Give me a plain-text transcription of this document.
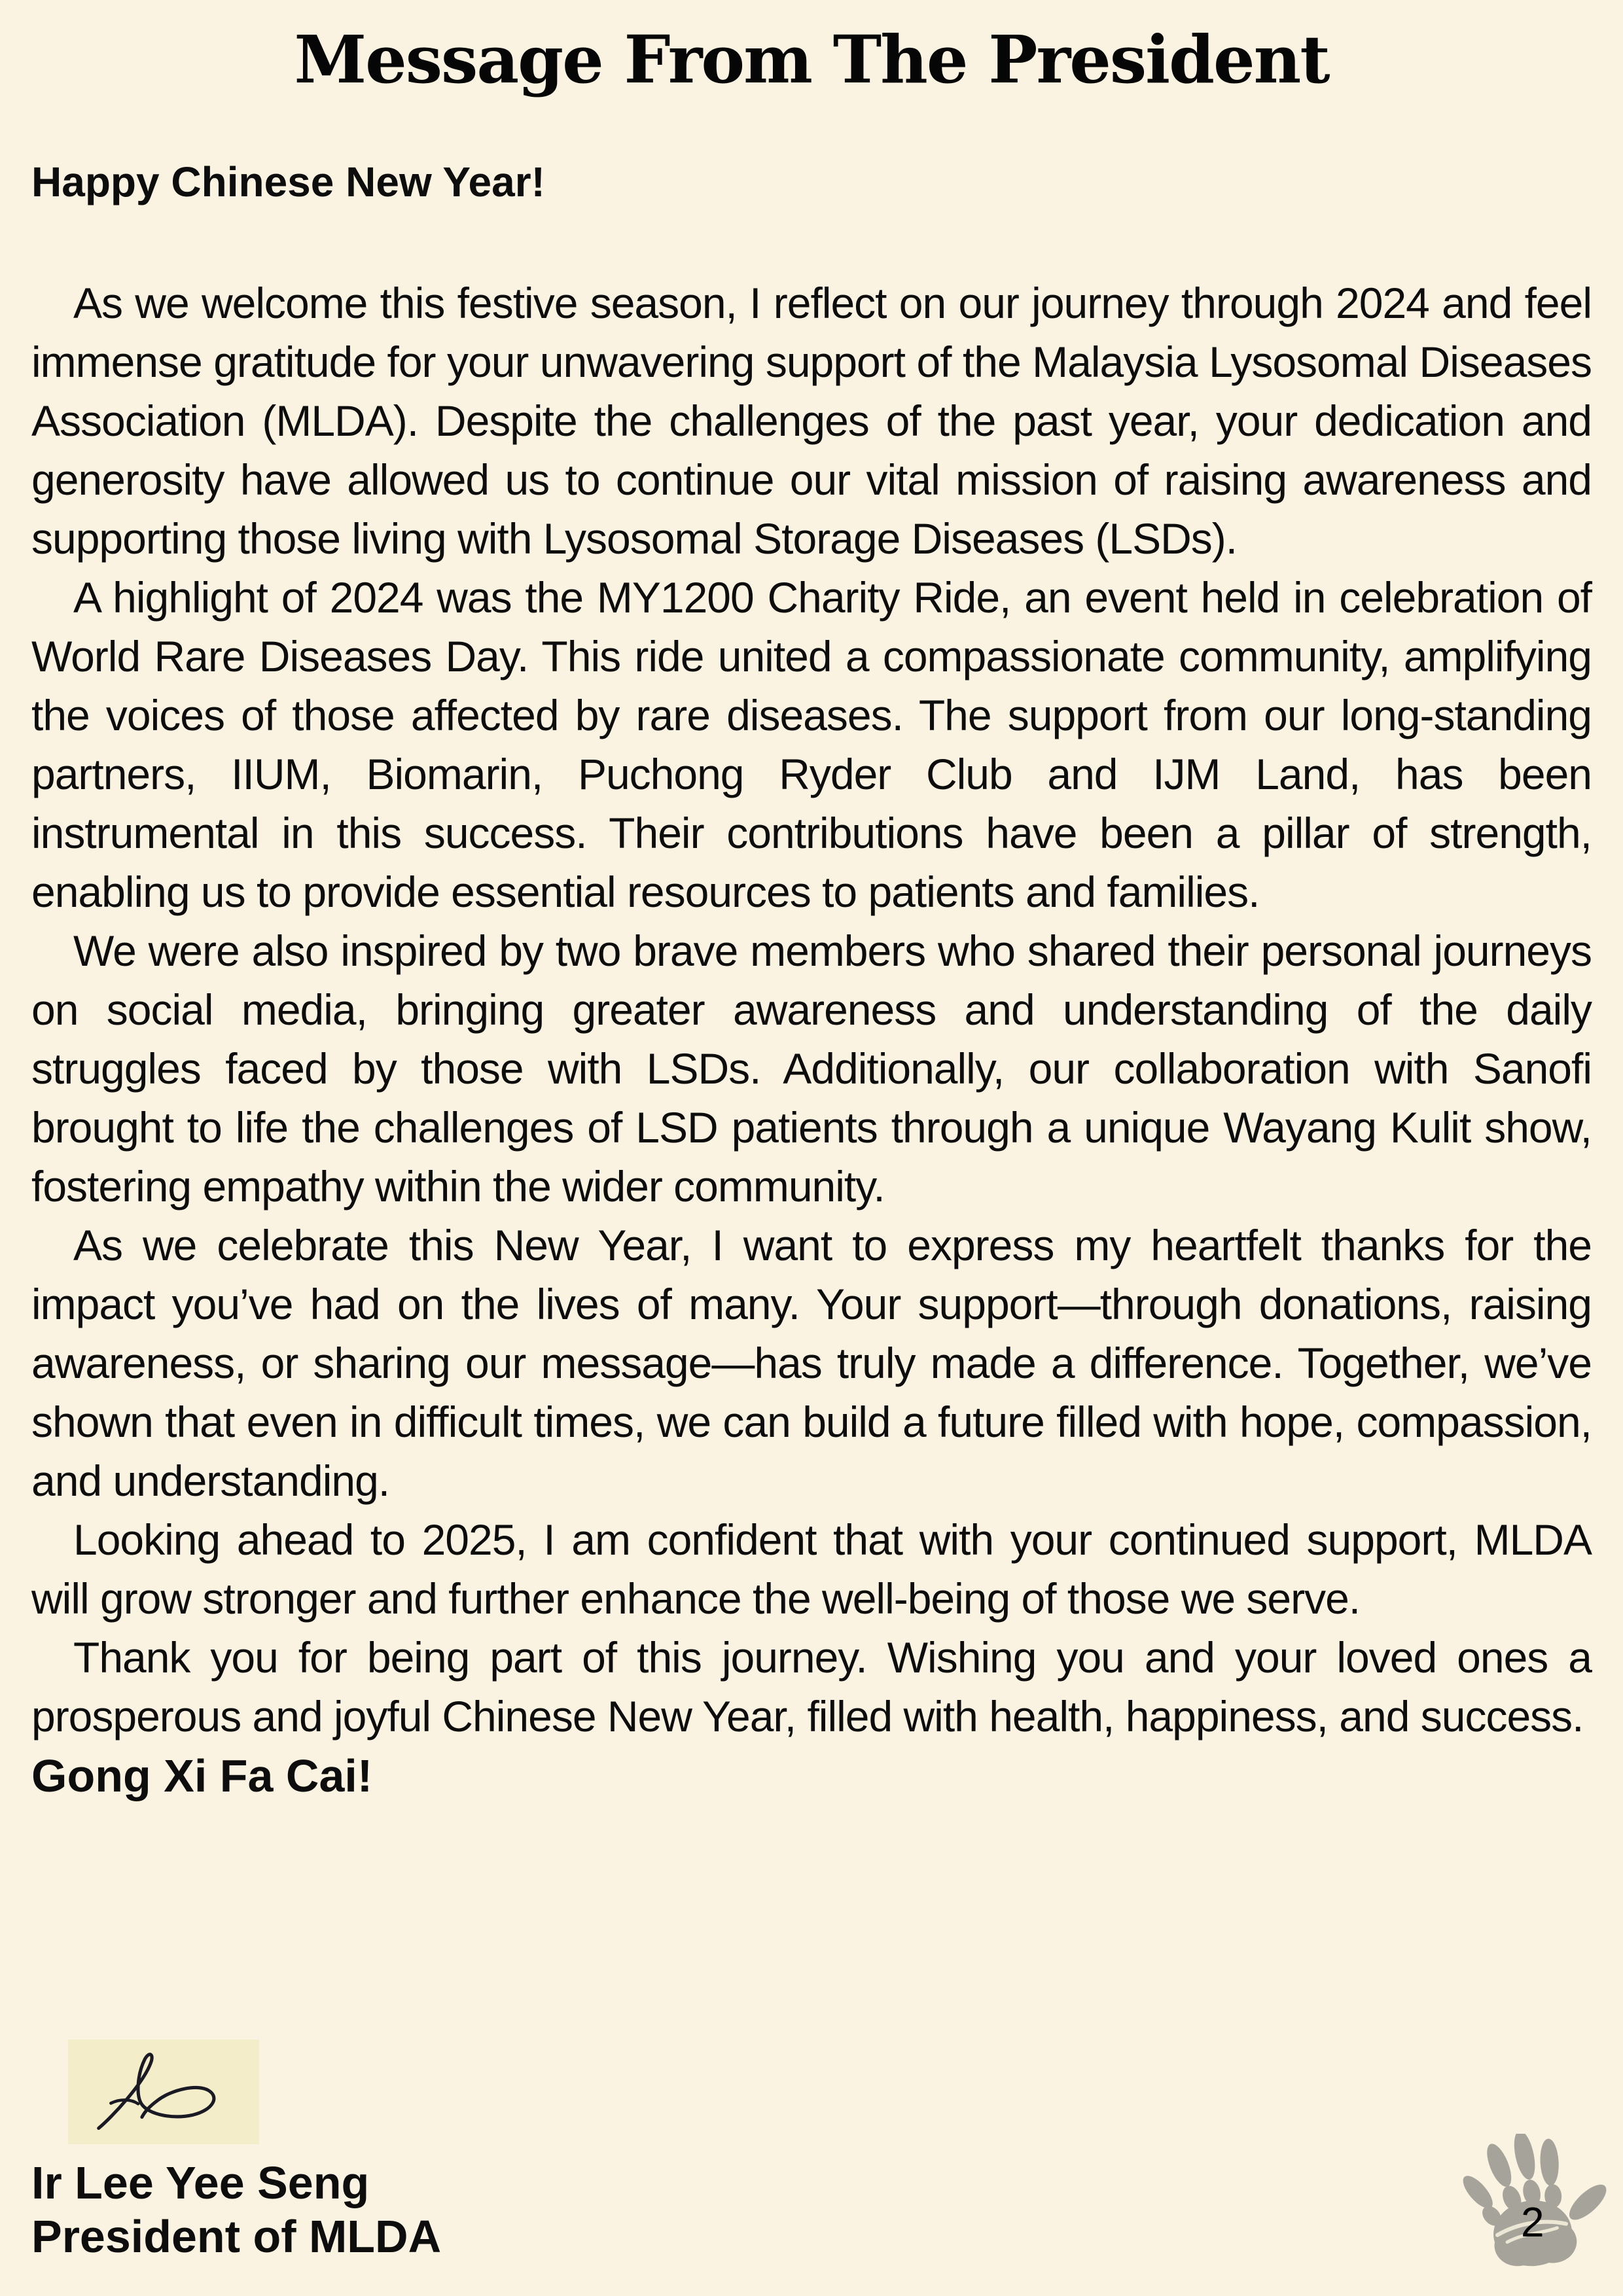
Message From The President

Happy Chinese New Year!

As we welcome this festive season, I reflect on our journey through 2024 and feel immense gratitude for your unwavering support of the Malaysia Lysosomal Diseases Association (MLDA). Despite the challenges of the past year, your dedication and generosity have allowed us to continue our vital mission of raising awareness and supporting those living with Lysosomal Storage Diseases (LSDs).

A highlight of 2024 was the MY1200 Charity Ride, an event held in celebration of World Rare Diseases Day. This ride united a compassionate community, amplifying the voices of those affected by rare diseases. The support from our long-standing partners, IIUM, Biomarin, Puchong Ryder Club and IJM Land, has been instrumental in this success. Their contributions have been a pillar of strength, enabling us to provide essential resources to patients and families.

We were also inspired by two brave members who shared their personal journeys on social media, bringing greater awareness and understanding of the daily struggles faced by those with LSDs. Additionally, our collaboration with Sanofi brought to life the challenges of LSD patients through a unique Wayang Kulit show, fostering empathy within the wider community.

As we celebrate this New Year, I want to express my heartfelt thanks for the impact you’ve had on the lives of many. Your support—through donations, raising awareness, or sharing our message—has truly made a difference. Together, we’ve shown that even in difficult times, we can build a future filled with hope, compassion, and understanding.

Looking ahead to 2025, I am confident that with your continued support, MLDA will grow stronger and further enhance the well-being of those we serve.

Thank you for being part of this journey. Wishing you and your loved ones a prosperous and joyful Chinese New Year, filled with health, happiness, and success.

Gong Xi Fa Cai!

Ir Lee Yee Seng

President of MLDA	2
